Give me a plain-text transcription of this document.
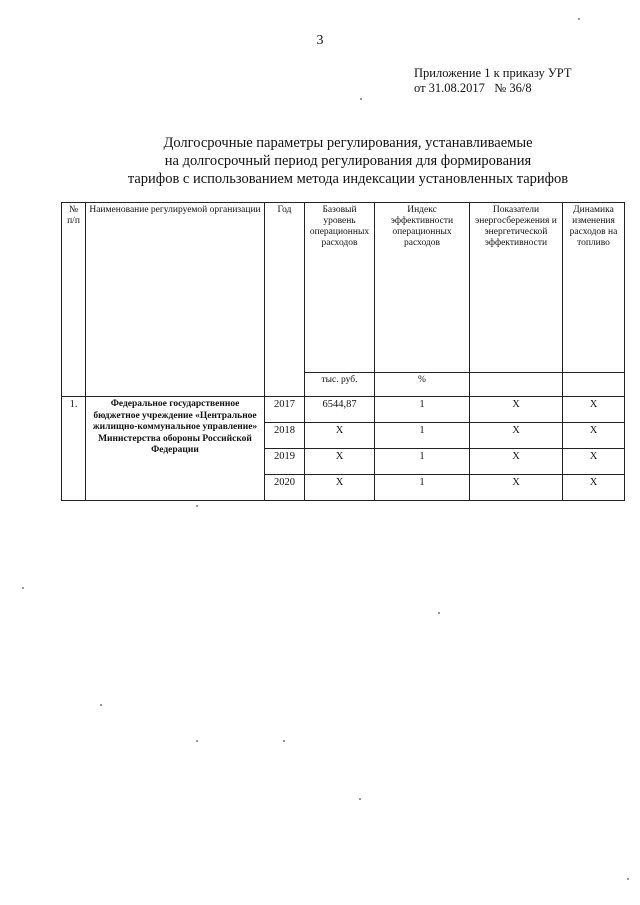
3
Приложение 1 к приказу УРТ
от 31.08.2017   № 36/8
Долгосрочные параметры регулирования, устанавливаемые
на долгосрочный период регулирования для формирования
тарифов с использованием метода индексации установленных тарифов
№ п/п	Наименование регулируемой организации	Год	Базовый уровень операционных расходов	Индекс эффективности операционных расходов	Показатели энергосбережения и энергетической эффективности	Динамика изменения расходов на топливо
			тыс. руб.	%		
1.	Федеральное государственное бюджетное учреждение «Центральное жилищно-коммунальное управление» Министерства обороны Российской Федерации	2017	6544,87	1	X	X
		2018	X	1	X	X
		2019	X	1	X	X
		2020	X	1	X	X
